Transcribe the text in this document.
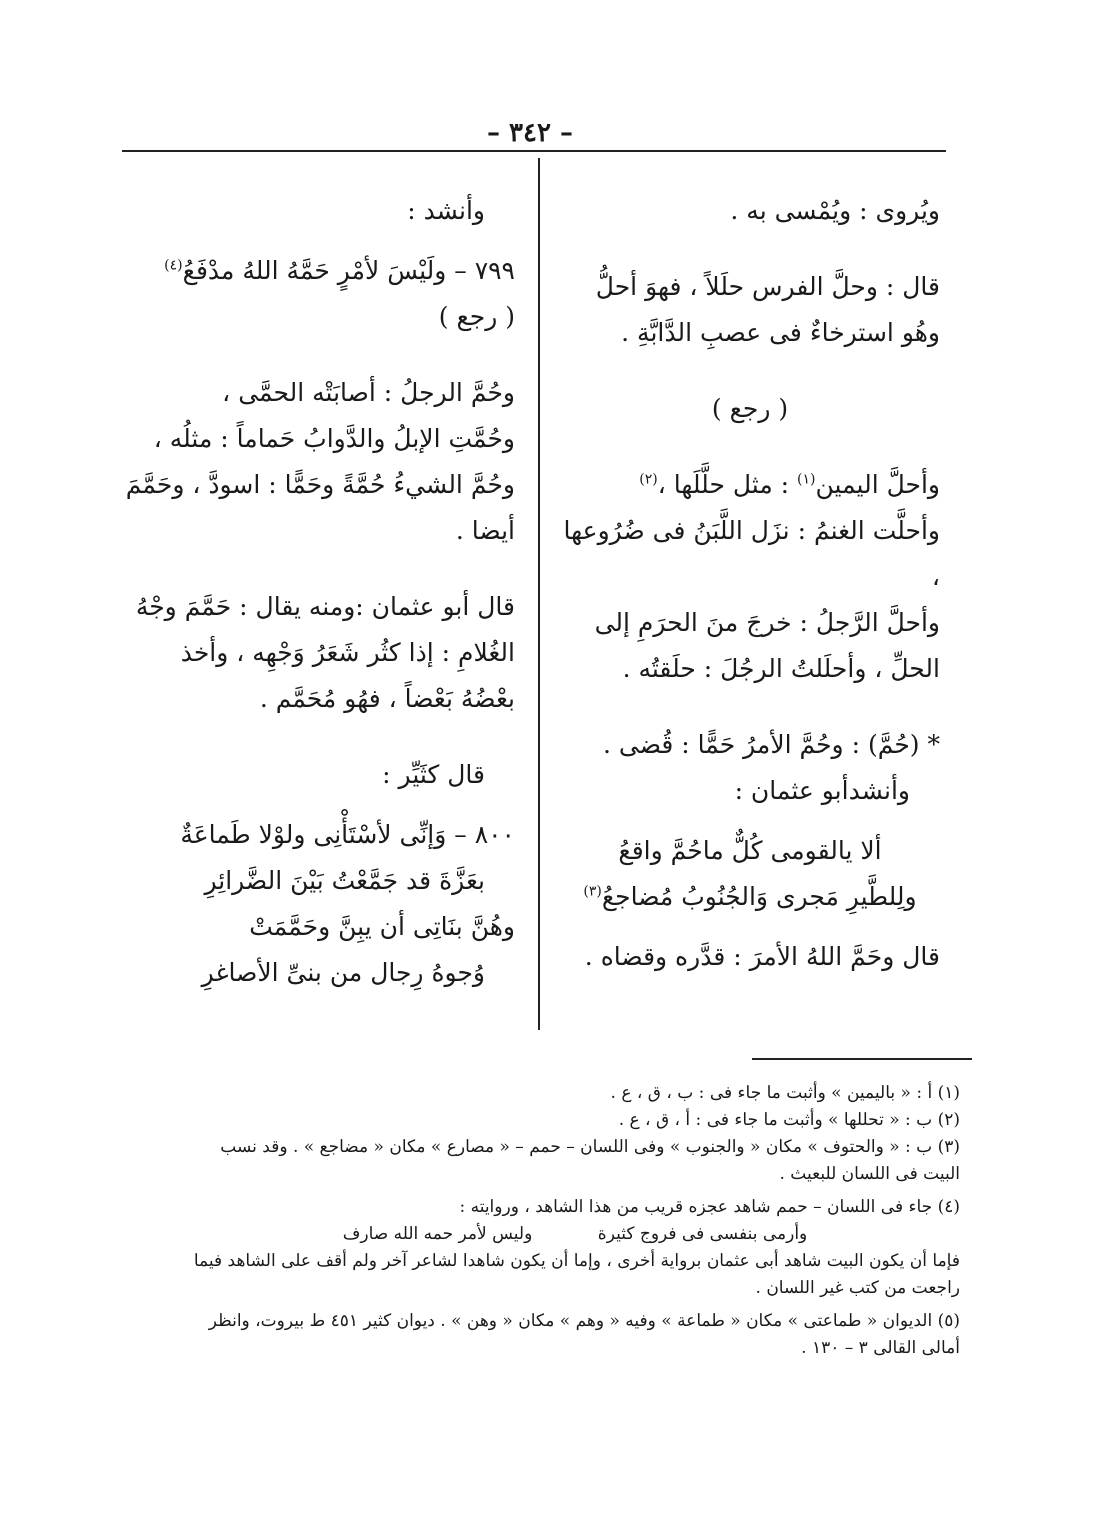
– ٣٤٢ –

ويُروى : ويُمْسى به .

قال : وحلَّ الفرس حلَلاً ، فهوَ أحلُّ

وهُو استرخاءٌ فى عصبِ الدَّابَّةِ .

( رجع )

وأحلَّ اليمين$^{(١)}$ : مثل حلَّلَها ،$^{(٢)}$

وأحلَّت الغنمُ : نزَل اللَّبَنُ فى ضُرُوعها ،

وأحلَّ الرَّجلُ : خرجَ منَ الحرَمِ إلى

الحلِّ ، وأحلَلتُ الرجُلَ : حلَقتُه .

* (حُمَّ) : وحُمَّ الأمرُ حَمًّا : قُضى .

وأنشدأبو عثمان :

ألا يالقومى كُلٌّ ماحُمَّ واقعُ

ولِلطَّيرِ مَجرى وَالجُنُوبُ مُضاجعُ$^{(٣)}$

قال وحَمَّ اللهُ الأمرَ : قدَّره وقضاه .

وأنشد :

٧٩٩ – ولَيْسَ لأمْرٍ حَمَّهُ اللهُ مدْفَعُ$^{(٤)}$

( رجع )

وحُمَّ الرجلُ : أصابَتْه الحمَّى ،

وحُمَّتِ الإبلُ والدَّوابُ حَماماً : مثلُه ،

وحُمَّ الشيءُ حُمَّةً وحَمًّا : اسودَّ ، وحَمَّمَ

أيضا .

قال أبو عثمان :ومنه يقال : حَمَّمَ وجْهُ

الغُلامِ : إذا كثُر شَعَرُ وَجْهِه ، وأخذ

بعْضُهُ بَعْضاً ، فهُو مُحَمَّم .

قال كثَيِّر :

٨٠٠ – وَإنِّى لأسْتَأْنِى ولوْلا طَماعَةٌ

بعَزَّةَ قد جَمَّعْتُ بَيْنَ الضَّرائِرِ

وهُنَّ بنَاتِى أن يبِنَّ وحَمَّمَتْ

وُجوهُ رِجال من بنىِّ الأصاغرِ

(١) أ : « باليمين » وأثبت ما جاء فى : ب ، ق ، ع .

(٢) ب : « تحللها » وأثبت ما جاء فى : أ ، ق ، ع .

(٣) ب : « والحتوف » مكان « والجنوب » وفى اللسان – حمم – « مصارع » مكان « مضاجع » . وقد نسب

البيت فى اللسان للبعيث .

(٤) جاء فى اللسان – حمم شاهد عجزه قريب من هذا الشاهد ، وروايته :

وأرمى بنفسى فى فروج كثيرة
وليس لأمر حمه الله صارف

فإما أن يكون البيت شاهد أبى عثمان برواية أخرى ، وإما أن يكون شاهدا لشاعر آخر ولم أقف على الشاهد فيما

راجعت من كتب غير اللسان .

(٥) الديوان « طماعتى » مكان « طماعة » وفيه « وهم » مكان « وهن » . ديوان كثير ٤٥١ ط بيروت، وانظر

أمالى القالى ٣ – ١٣٠ .
